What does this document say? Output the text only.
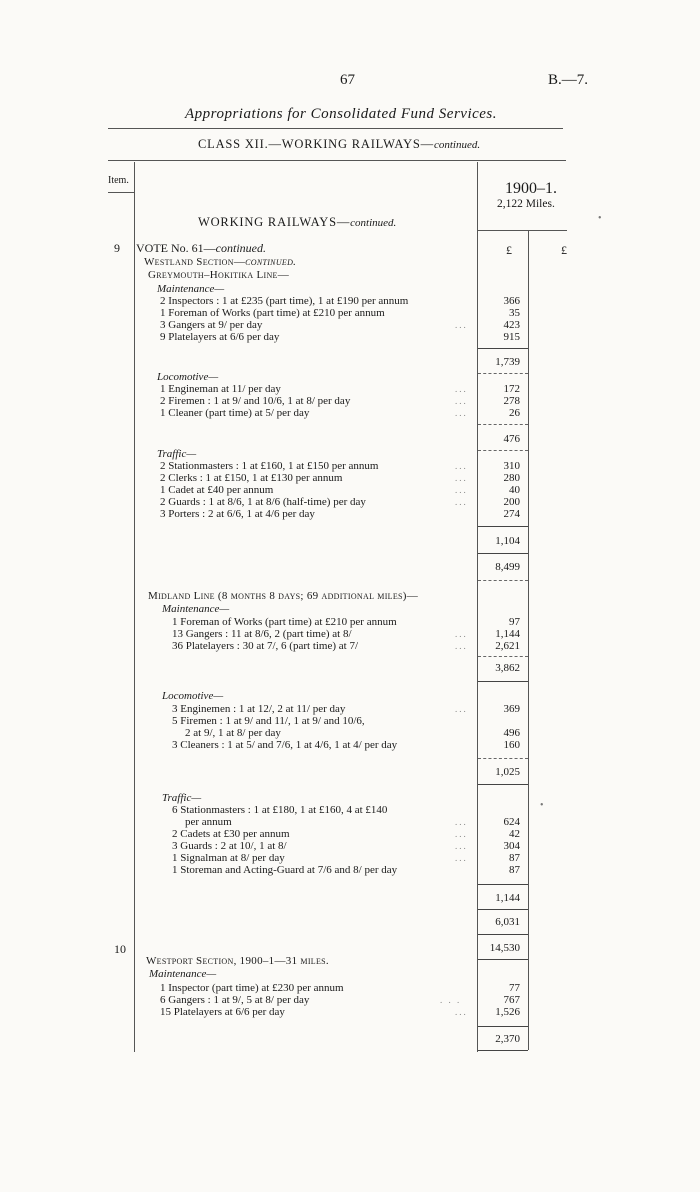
67	B.—7.
Appropriations for Consolidated Fund Services.
CLASS XII.—WORKING RAILWAYS—continued.
Item.	1900–1.
2,122 Miles.
WORKING RAILWAYS—continued.
£	£
9 VOTE No. 61—continued.
Westland Section—continued.
Greymouth–Hokitika Line—
Maintenance—
2 Inspectors : 1 at £235 (part time), 1 at £190 per annum	366
1 Foreman of Works (part time) at £210 per annum	35
3 Gangers at 9/ per day	...	423
9 Platelayers at 6/6 per day	915
1,739
Locomotive—
1 Engineman at 11/ per day	...	172
2 Firemen : 1 at 9/ and 10/6, 1 at 8/ per day	...	278
1 Cleaner (part time) at 5/ per day	...	26
476
Traffic—
2 Stationmasters : 1 at £160, 1 at £150 per annum	...	310
2 Clerks : 1 at £150, 1 at £130 per annum	...	280
1 Cadet at £40 per annum	...	40
2 Guards : 1 at 8/6, 1 at 8/6 (half-time) per day	...	200
3 Porters : 2 at 6/6, 1 at 4/6 per day	274
1,104
8,499
Midland Line (8 months 8 days; 69 additional miles)—
Maintenance—
1 Foreman of Works (part time) at £210 per annum	97
13 Gangers : 11 at 8/6, 2 (part time) at 8/	...	1,144
36 Platelayers : 30 at 7/, 6 (part time) at 7/	...	2,621
3,862
Locomotive—
3 Enginemen : 1 at 12/, 2 at 11/ per day	...	369
5 Firemen : 1 at 9/ and 11/, 1 at 9/ and 10/6,
2 at 9/, 1 at 8/ per day	496
3 Cleaners : 1 at 5/ and 7/6, 1 at 4/6, 1 at 4/ per day	160
1,025
Traffic—
6 Stationmasters : 1 at £180, 1 at £160, 4 at £140
per annum	...	624
2 Cadets at £30 per annum	...	42
3 Guards : 2 at 10/, 1 at 8/	...	304
1 Signalman at 8/ per day	...	87
1 Storeman and Acting-Guard at 7/6 and 8/ per day	87
1,144
6,031
10	14,530
Westport Section, 1900–1—31 miles.
Maintenance—
1 Inspector (part time) at £230 per annum	77
6 Gangers : 1 at 9/, 5 at 8/ per day	. . .	767
15 Platelayers at 6/6 per day	...	1,526
2,370
•
•
